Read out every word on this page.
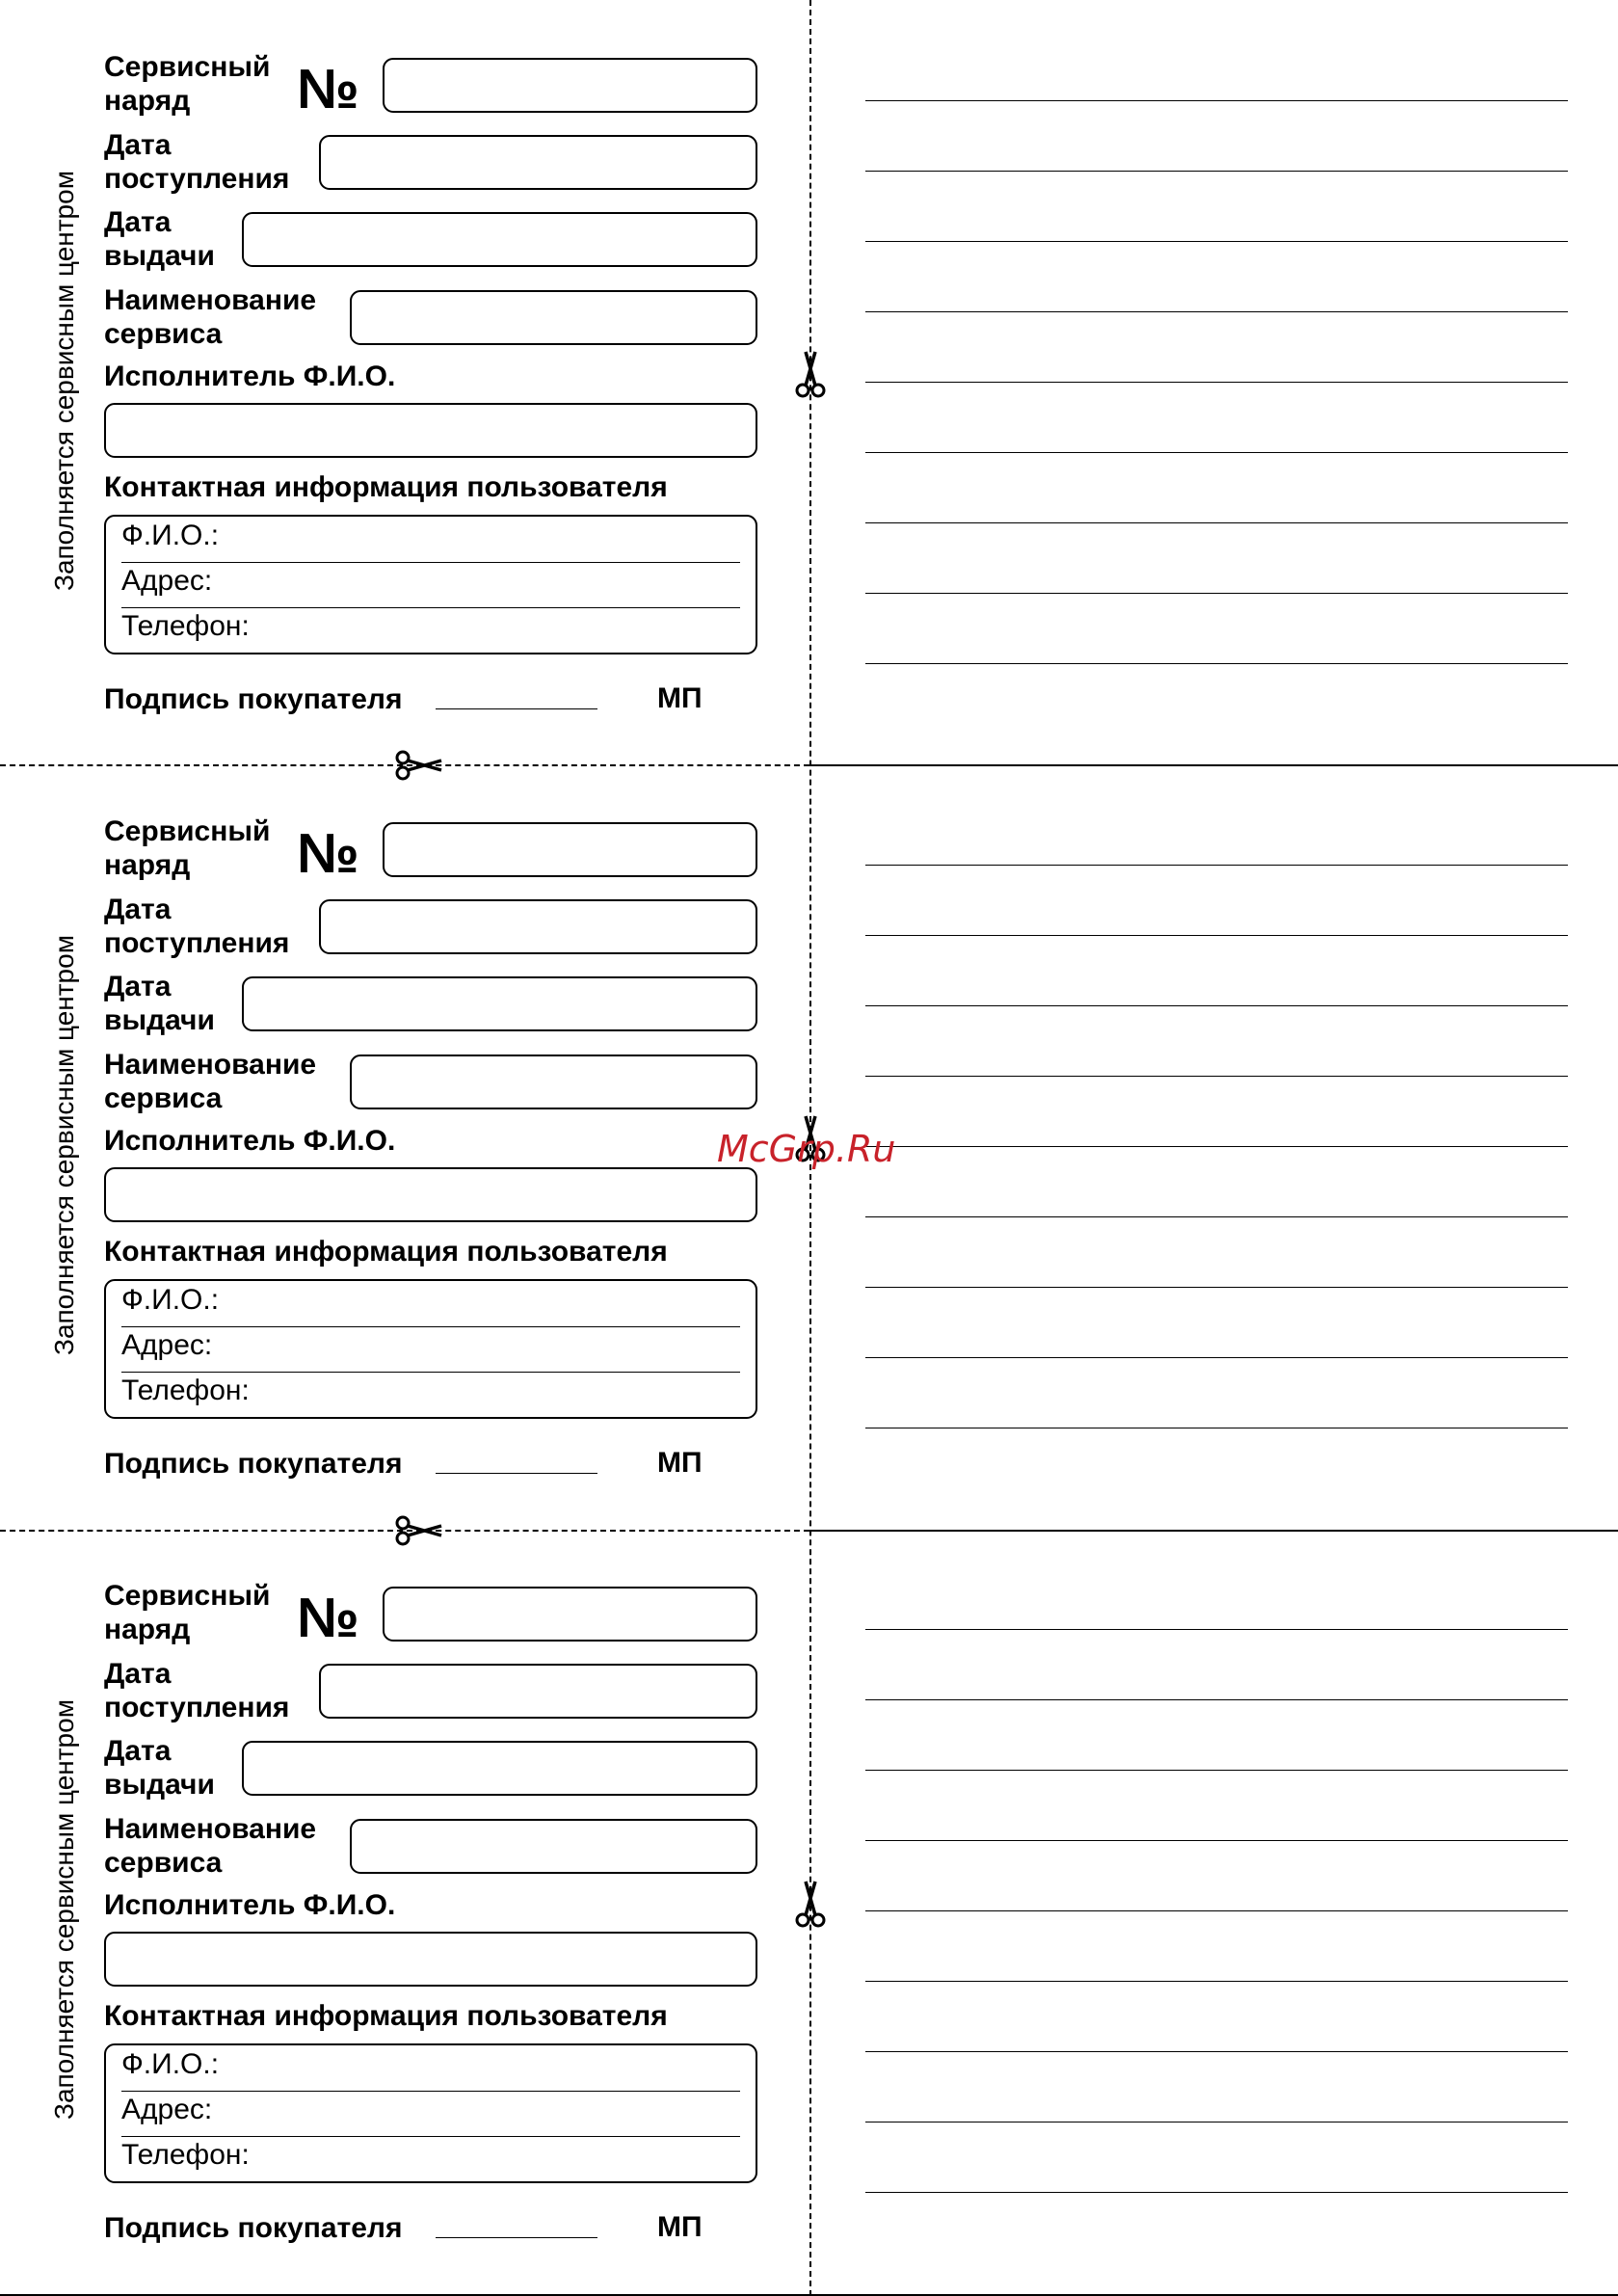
Заполняется сервисным центром
Сервисный
наряд	№
Дата
поступления
Дата
выдачи
Наименование
сервиса
Исполнитель Ф.И.О.
Контактная информация пользователя
Ф.И.О.:
Адрес:
Телефон:
Подпись покупателя	МП
Заполняется сервисным центром
Сервисный
наряд	№
Дата
поступления
Дата
выдачи
Наименование
сервиса
Исполнитель Ф.И.О.
Контактная информация пользователя
Ф.И.О.:
Адрес:
Телефон:
Подпись покупателя	МП
Заполняется сервисным центром
Сервисный
наряд	№
Дата
поступления
Дата
выдачи
Наименование
сервиса
Исполнитель Ф.И.О.
Контактная информация пользователя
Ф.И.О.:
Адрес:
Телефон:
Подпись покупателя	МП
McGrp.Ru
